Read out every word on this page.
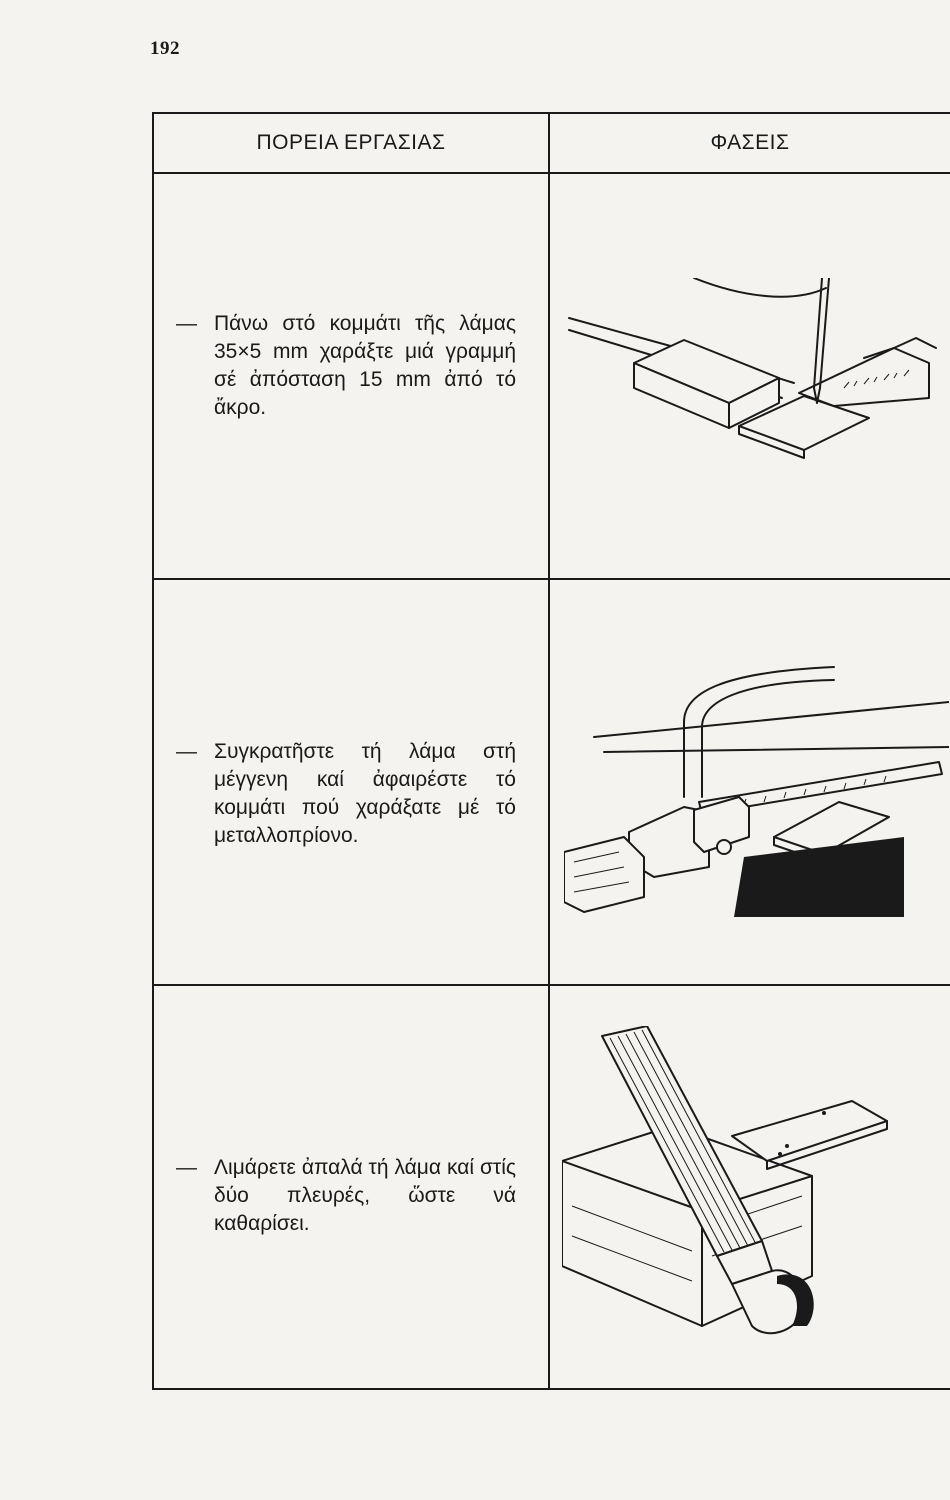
192
ΠΟΡΕΙΑ ΕΡΓΑΣΙΑΣ	ΦΑΣΕΙΣ
— Πάνω στό κομμάτι τῆς λάμας 35×5 mm χαράξτε μιά γραμμή σέ ἀπόσταση 15 mm ἀπό τό ἄκρο.
— Συγκρατῆστε τή λάμα στή μέγγενη καί ἀφαιρέστε τό κομμάτι πού χαράξατε μέ τό μεταλλοπρίονο.
— Λιμάρετε ἀπαλά τή λάμα καί στίς δύο πλευρές, ὥστε νά καθαρίσει.
